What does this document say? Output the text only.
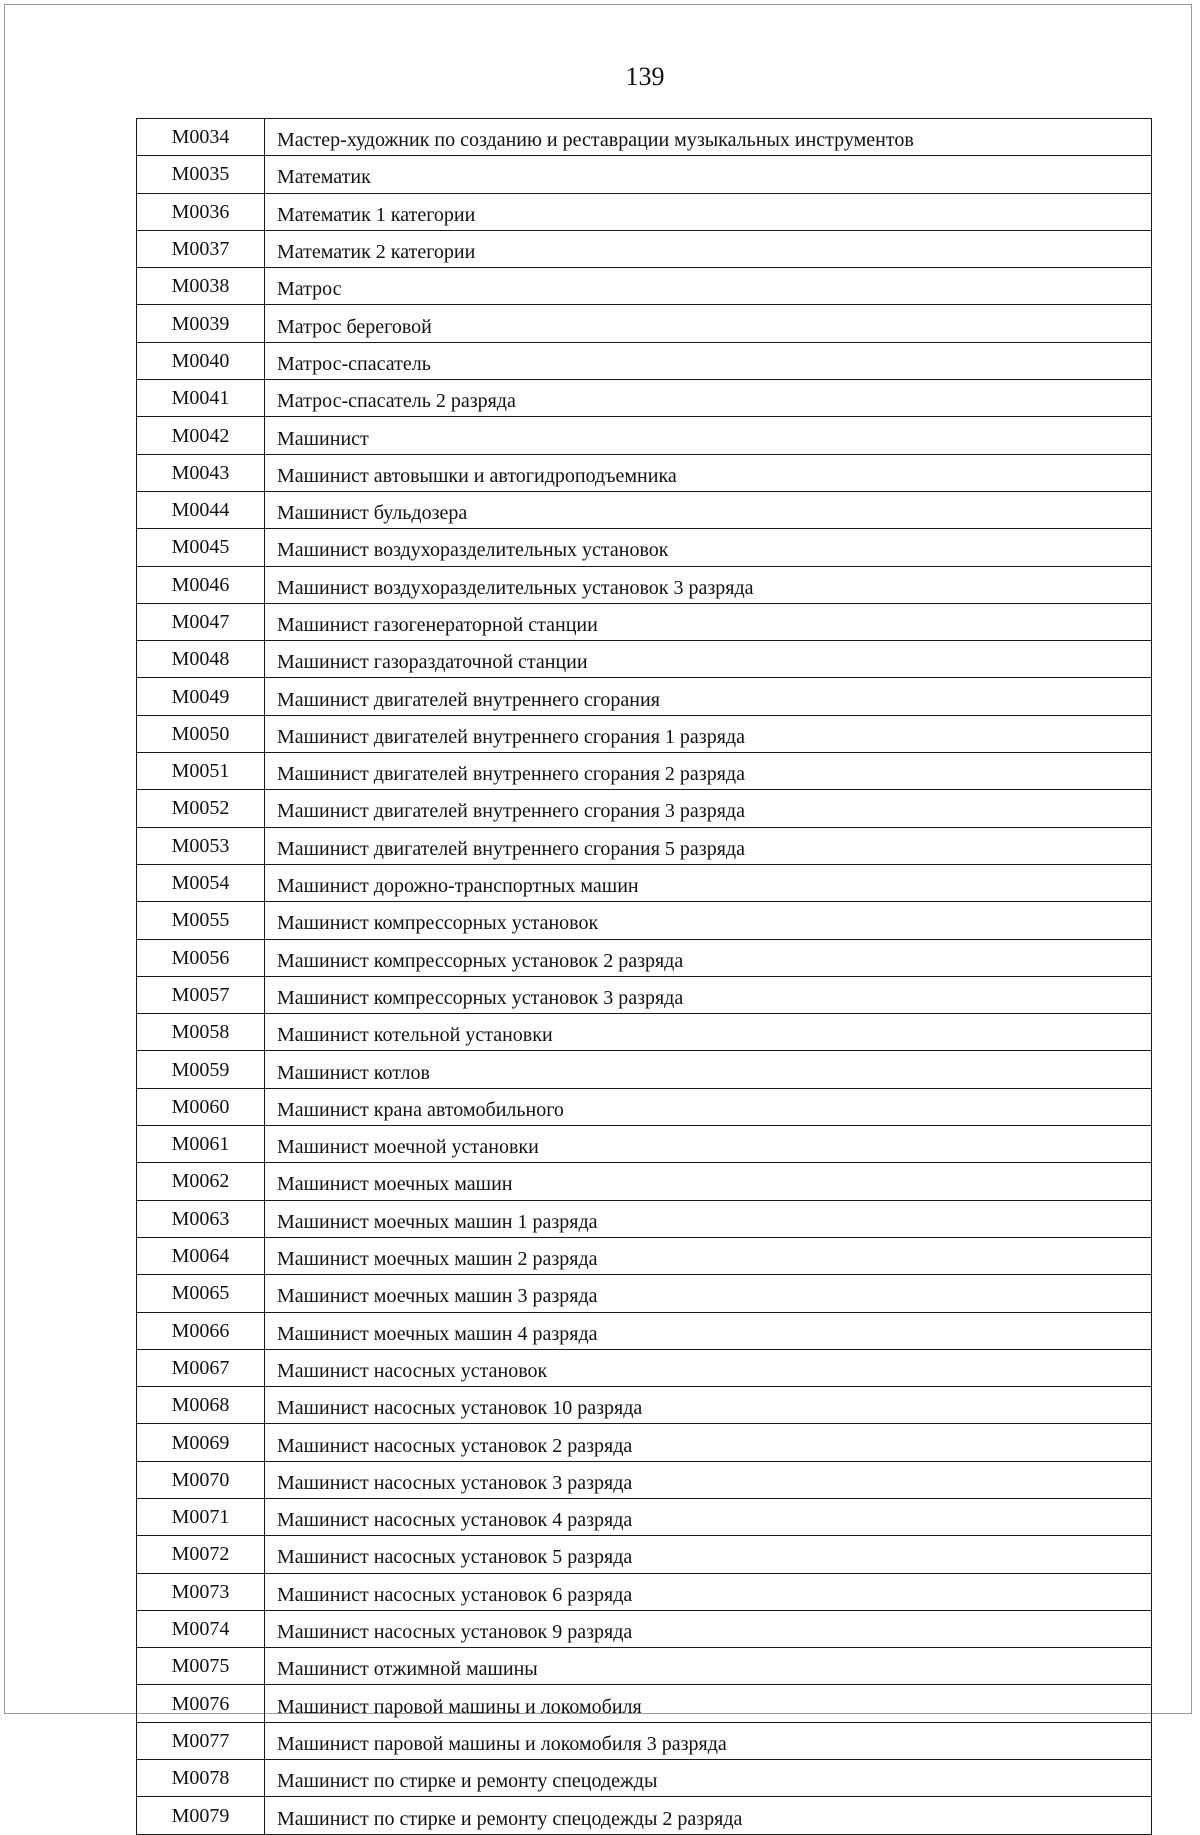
139
М0034	Мастер-художник по созданию и реставрации музыкальных инструментов
М0035	Математик
М0036	Математик 1 категории
М0037	Математик 2 категории
М0038	Матрос
М0039	Матрос береговой
М0040	Матрос-спасатель
М0041	Матрос-спасатель 2 разряда
М0042	Машинист
М0043	Машинист автовышки и автогидроподъемника
М0044	Машинист бульдозера
М0045	Машинист воздухоразделительных установок
М0046	Машинист воздухоразделительных установок 3 разряда
М0047	Машинист газогенераторной станции
М0048	Машинист газораздаточной станции
М0049	Машинист двигателей внутреннего сгорания
М0050	Машинист двигателей внутреннего сгорания 1 разряда
М0051	Машинист двигателей внутреннего сгорания 2 разряда
М0052	Машинист двигателей внутреннего сгорания 3 разряда
М0053	Машинист двигателей внутреннего сгорания 5 разряда
М0054	Машинист дорожно-транспортных машин
М0055	Машинист компрессорных установок
М0056	Машинист компрессорных установок 2 разряда
М0057	Машинист компрессорных установок 3 разряда
М0058	Машинист котельной установки
М0059	Машинист котлов
М0060	Машинист крана автомобильного
М0061	Машинист моечной установки
М0062	Машинист моечных машин
М0063	Машинист моечных машин 1 разряда
М0064	Машинист моечных машин 2 разряда
М0065	Машинист моечных машин 3 разряда
М0066	Машинист моечных машин 4 разряда
М0067	Машинист насосных установок
М0068	Машинист насосных установок 10 разряда
М0069	Машинист насосных установок 2 разряда
М0070	Машинист насосных установок 3 разряда
М0071	Машинист насосных установок 4 разряда
М0072	Машинист насосных установок 5 разряда
М0073	Машинист насосных установок 6 разряда
М0074	Машинист насосных установок 9 разряда
М0075	Машинист отжимной машины
М0076	Машинист паровой машины и локомобиля
М0077	Машинист паровой машины и локомобиля 3 разряда
М0078	Машинист по стирке и ремонту спецодежды
М0079	Машинист по стирке и ремонту спецодежды 2 разряда
